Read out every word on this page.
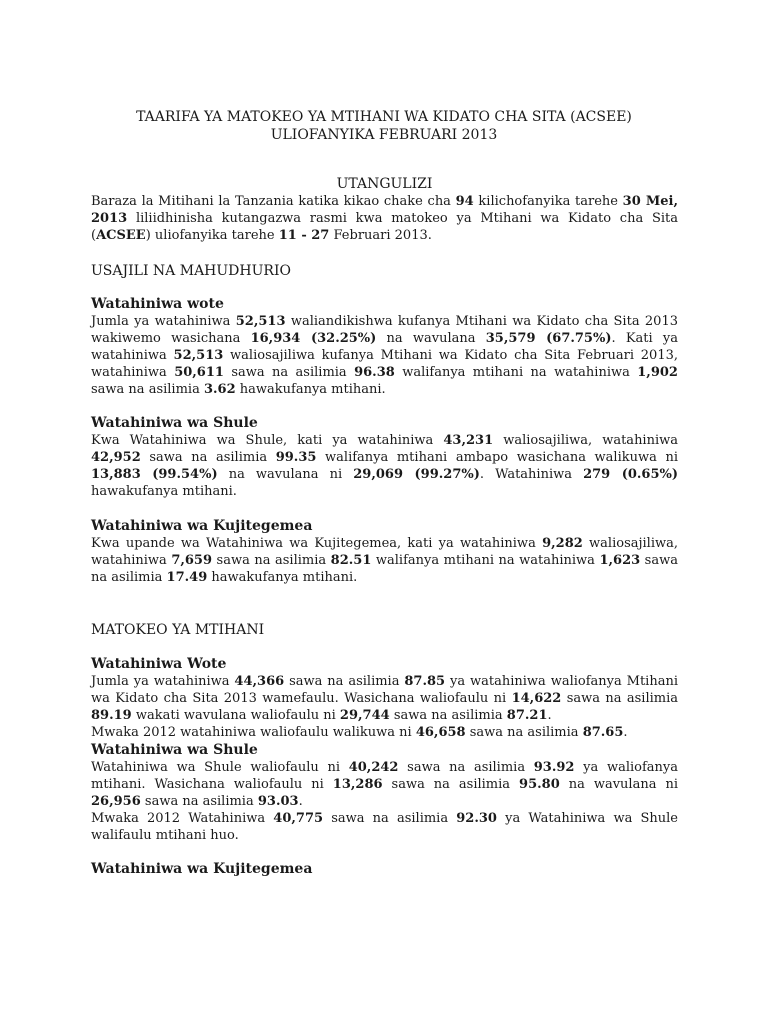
TAARIFA YA MATOKEO YA MTIHANI WA KIDATO CHA SITA (ACSEE)
ULIOFANYIKA FEBRUARI 2013

UTANGULIZI

Baraza la Mitihani la Tanzania katika kikao chake cha 94 kilichofanyika tarehe 30 Mei, 2013 liliidhinisha kutangazwa rasmi kwa matokeo ya Mtihani wa Kidato cha Sita (ACSEE) uliofanyika tarehe 11 - 27 Februari 2013.

USAJILI NA MAHUDHURIO

Watahiniwa wote

Jumla ya watahiniwa 52,513 waliandikishwa kufanya Mtihani wa Kidato cha Sita 2013 wakiwemo wasichana 16,934 (32.25%) na wavulana 35,579 (67.75%). Kati ya watahiniwa 52,513 waliosajiliwa kufanya Mtihani wa Kidato cha Sita Februari 2013, watahiniwa 50,611 sawa na asilimia 96.38 walifanya mtihani na watahiniwa 1,902 sawa na asilimia 3.62 hawakufanya mtihani.

Watahiniwa wa Shule

Kwa Watahiniwa wa Shule, kati ya watahiniwa 43,231 waliosajiliwa, watahiniwa 42,952 sawa na asilimia 99.35 walifanya mtihani ambapo wasichana walikuwa ni 13,883 (99.54%) na wavulana ni 29,069 (99.27%). Watahiniwa 279 (0.65%) hawakufanya mtihani.

Watahiniwa wa Kujitegemea

Kwa upande wa Watahiniwa wa Kujitegemea, kati ya watahiniwa 9,282 waliosajiliwa, watahiniwa 7,659 sawa na asilimia 82.51 walifanya mtihani na watahiniwa 1,623 sawa na asilimia 17.49 hawakufanya mtihani.

MATOKEO YA MTIHANI

Watahiniwa Wote

Jumla ya watahiniwa 44,366 sawa na asilimia 87.85 ya watahiniwa waliofanya Mtihani wa Kidato cha Sita 2013 wamefaulu. Wasichana waliofaulu ni 14,622 sawa na asilimia 89.19 wakati wavulana waliofaulu ni 29,744 sawa na asilimia 87.21.

Mwaka 2012 watahiniwa waliofaulu walikuwa ni 46,658 sawa na asilimia 87.65.

Watahiniwa wa Shule

Watahiniwa wa Shule waliofaulu ni 40,242 sawa na asilimia 93.92 ya waliofanya mtihani. Wasichana waliofaulu ni 13,286 sawa na asilimia 95.80 na wavulana ni 26,956 sawa na asilimia 93.03.

Mwaka 2012 Watahiniwa 40,775 sawa na asilimia 92.30 ya Watahiniwa wa Shule walifaulu mtihani huo.

Watahiniwa wa Kujitegemea
